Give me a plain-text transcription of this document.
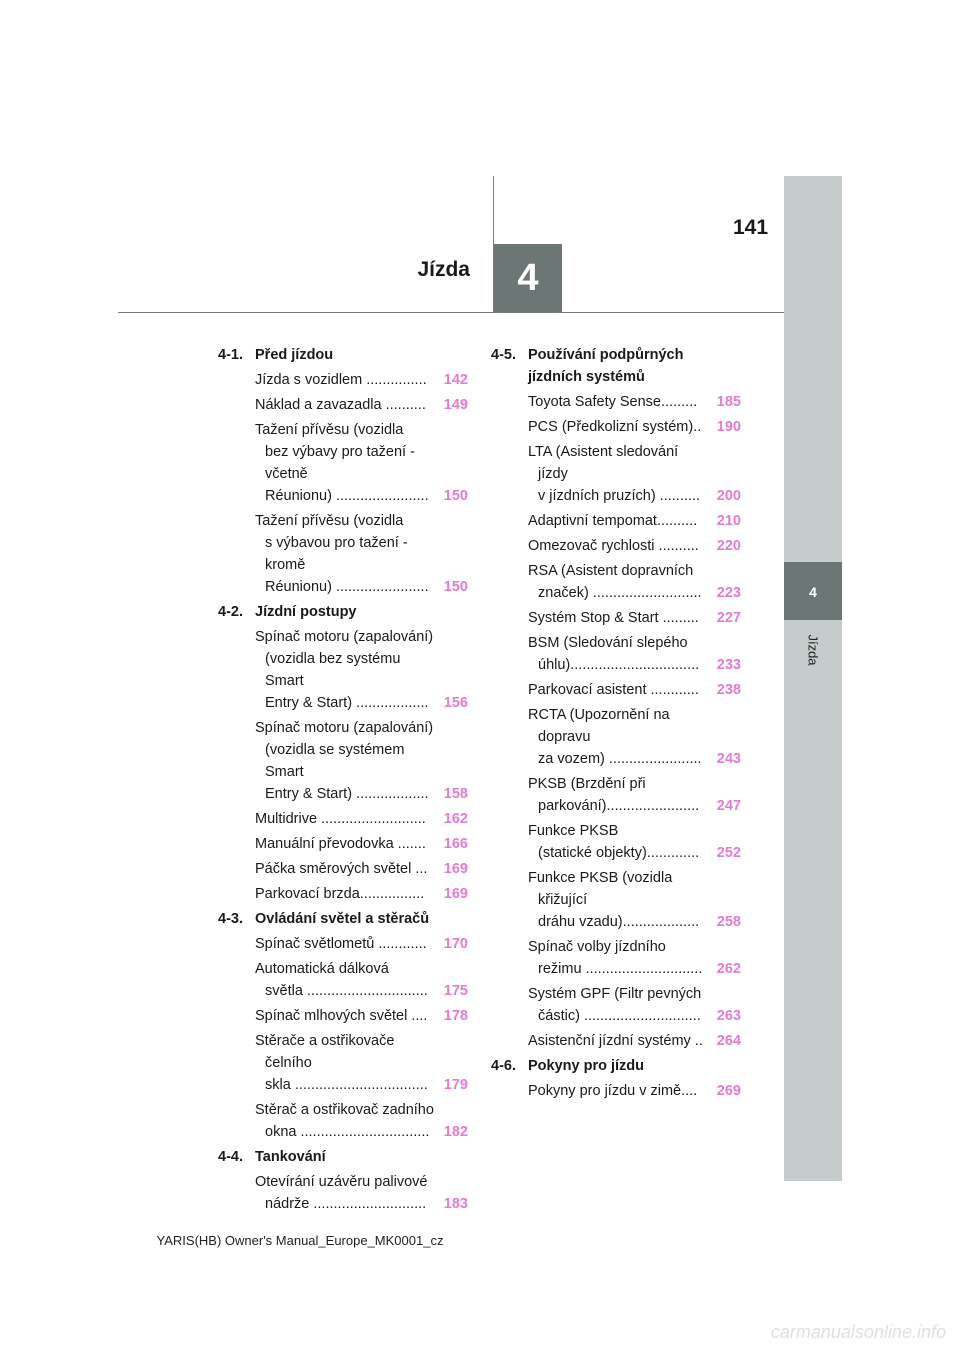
Jízda	4
141
4
Jízda
4-1. Před jízdou
Jízda s vozidlem ...............	142
Náklad a zavazadla ..........	149
Tažení přívěsu (vozidla
bez výbavy pro tažení - včetně
Réunionu) .......................	150
Tažení přívěsu (vozidla
s výbavou pro tažení - kromě
Réunionu) .......................	150
4-2. Jízdní postupy
Spínač motoru (zapalování)
(vozidla bez systému Smart
Entry & Start) ..................	156
Spínač motoru (zapalování)
(vozidla se systémem Smart
Entry & Start) ..................	158
Multidrive ..........................	162
Manuální převodovka .......	166
Páčka směrových světel ...	169
Parkovací brzda................	169
4-3. Ovládání světel a stěračů
Spínač světlometů ............	170
Automatická dálková
světla ..............................	175
Spínač mlhových světel ....	178
Stěrače a ostřikovače čelního
skla .................................	179
Stěrač a ostřikovač zadního
okna ................................ 182
4-4. Tankování
Otevírání uzávěru palivové
nádrže ............................	183
4-5. Používání podpůrných jízdních systémů
Toyota Safety Sense.........	185
PCS (Předkolizní systém)..	190
LTA (Asistent sledování jízdy
v jízdních pruzích) ..........	200
Adaptivní tempomat..........	210
Omezovač rychlosti ..........	220
RSA (Asistent dopravních
značek) ...........................	223
Systém Stop & Start .........	227
BSM (Sledování slepého
úhlu)................................	233
Parkovací asistent ............	238
RCTA (Upozornění na dopravu
za vozem) .......................	243
PKSB (Brzdění při
parkování).......................	247
Funkce PKSB
(statické objekty).............	252
Funkce PKSB (vozidla křižující
dráhu vzadu)...................	258
Spínač volby jízdního
režimu ............................. 262
Systém GPF (Filtr pevných
částic) .............................	263
Asistenční jízdní systémy .. 264
4-6. Pokyny pro jízdu
Pokyny pro jízdu v zimě....	269
YARIS(HB) Owner's Manual_Europe_MK0001_cz
carmanualsonline.info
